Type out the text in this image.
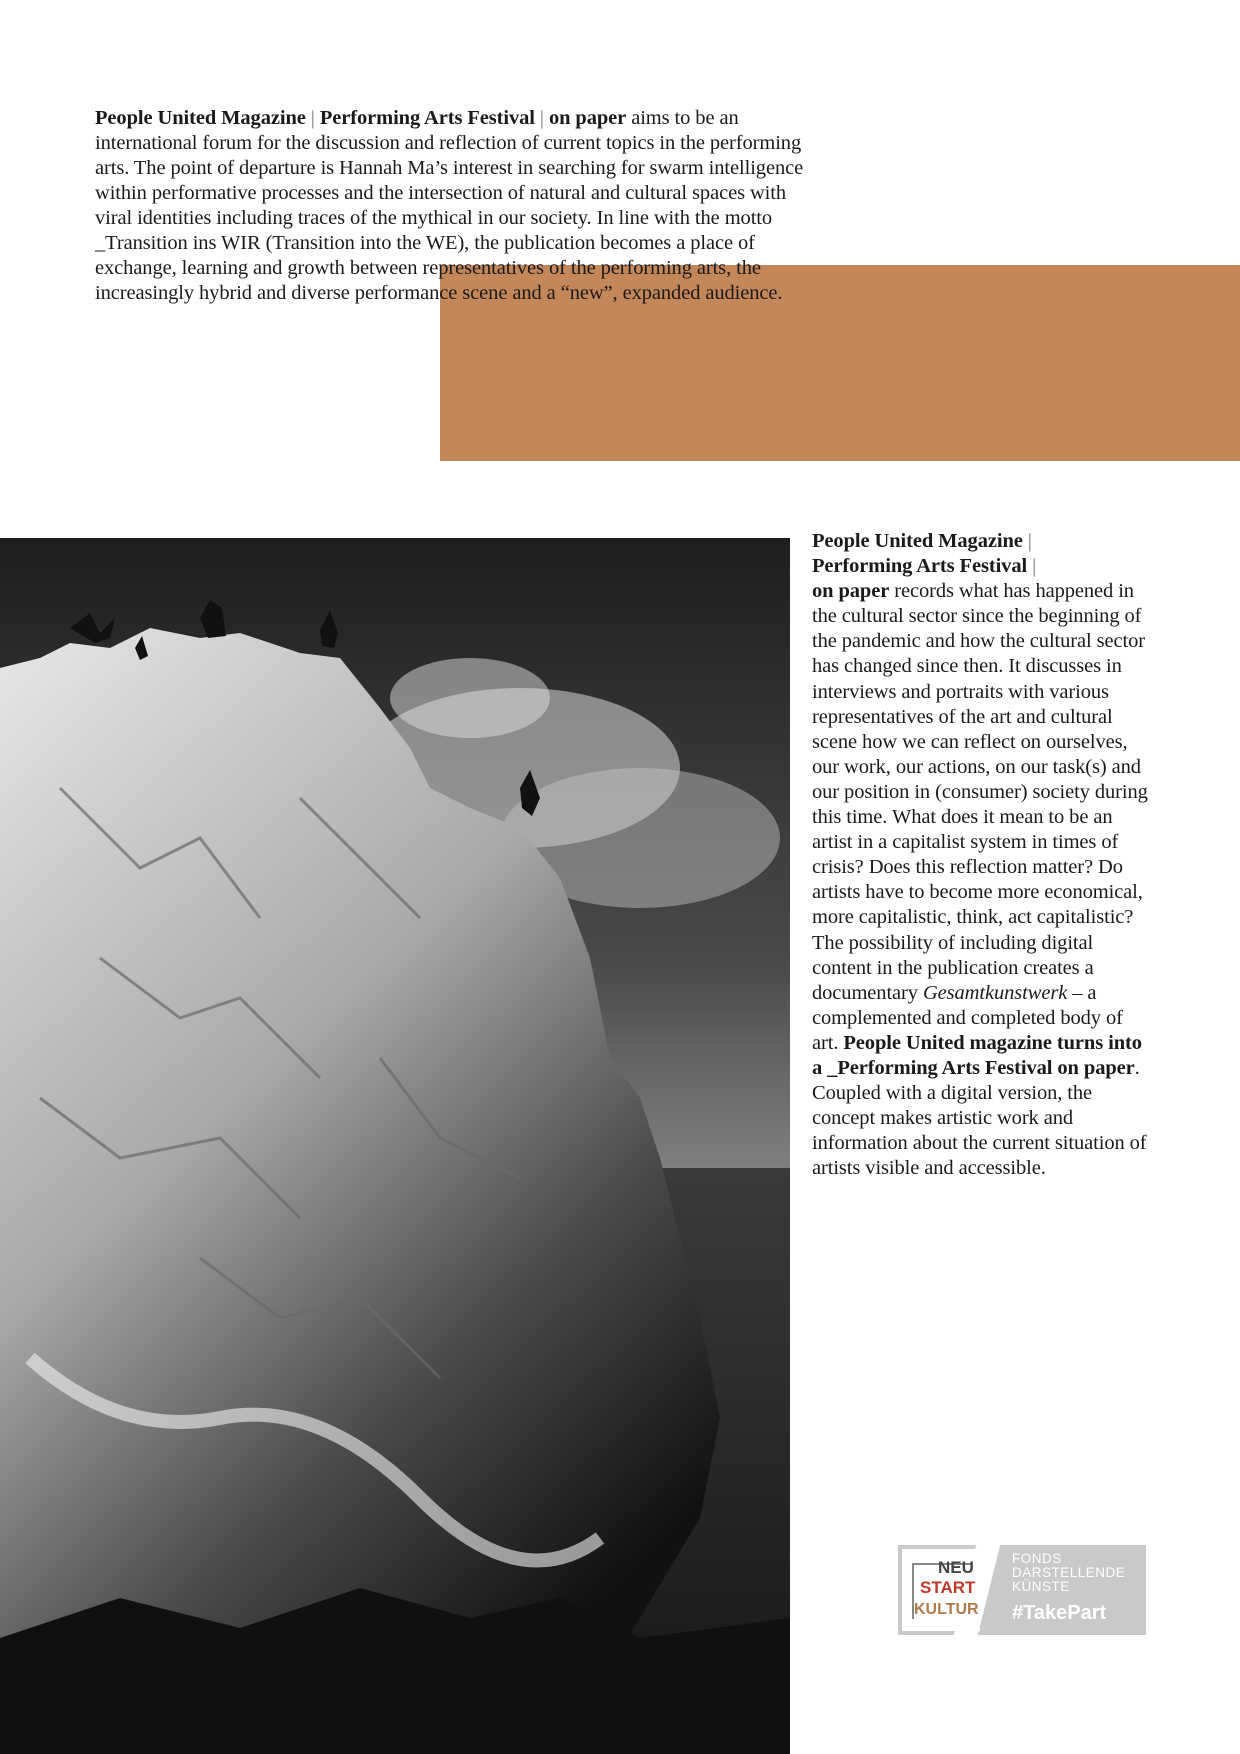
People United Magazine | Performing Arts Festival | on paper aims to be an international forum for the discussion and reflection of current topics in the performing arts. The point of departure is Hannah Ma’s interest in searching for swarm intelligence within performative processes and the intersection of natural and cultural spaces with viral identities including traces of the mythical in our society. In line with the motto _Transition ins WIR (Transition into the WE), the publication becomes a place of exchange, learning and growth between representatives of the performing arts, the increasingly hybrid and diverse performance scene and a “new”, expanded audience.

People United Magazine |
Performing Arts Festival |
on paper records what has happened in the cultural sector since the beginning of the pandemic and how the cultural sector has changed since then. It discusses in interviews and portraits with various representatives of the art and cultural scene how we can reflect on ourselves, our work, our actions, on our task(s) and our position in (consumer) society during this time. What does it mean to be an artist in a capitalist system in times of crisis? Does this reflection matter? Do artists have to become more economical, more capitalistic, think, act capitalistic? The possibility of including digital content in the publication creates a documentary Gesamtkunstwerk – a complemented and completed body of art. People United magazine turns into a _Performing Arts Festival on paper. Coupled with a digital version, the concept makes artistic work and information about the current situation of artists visible and accessible.

NEU
START
KULTUR
FONDS
DARSTELLENDE
KÜNSTE
#TakePart
